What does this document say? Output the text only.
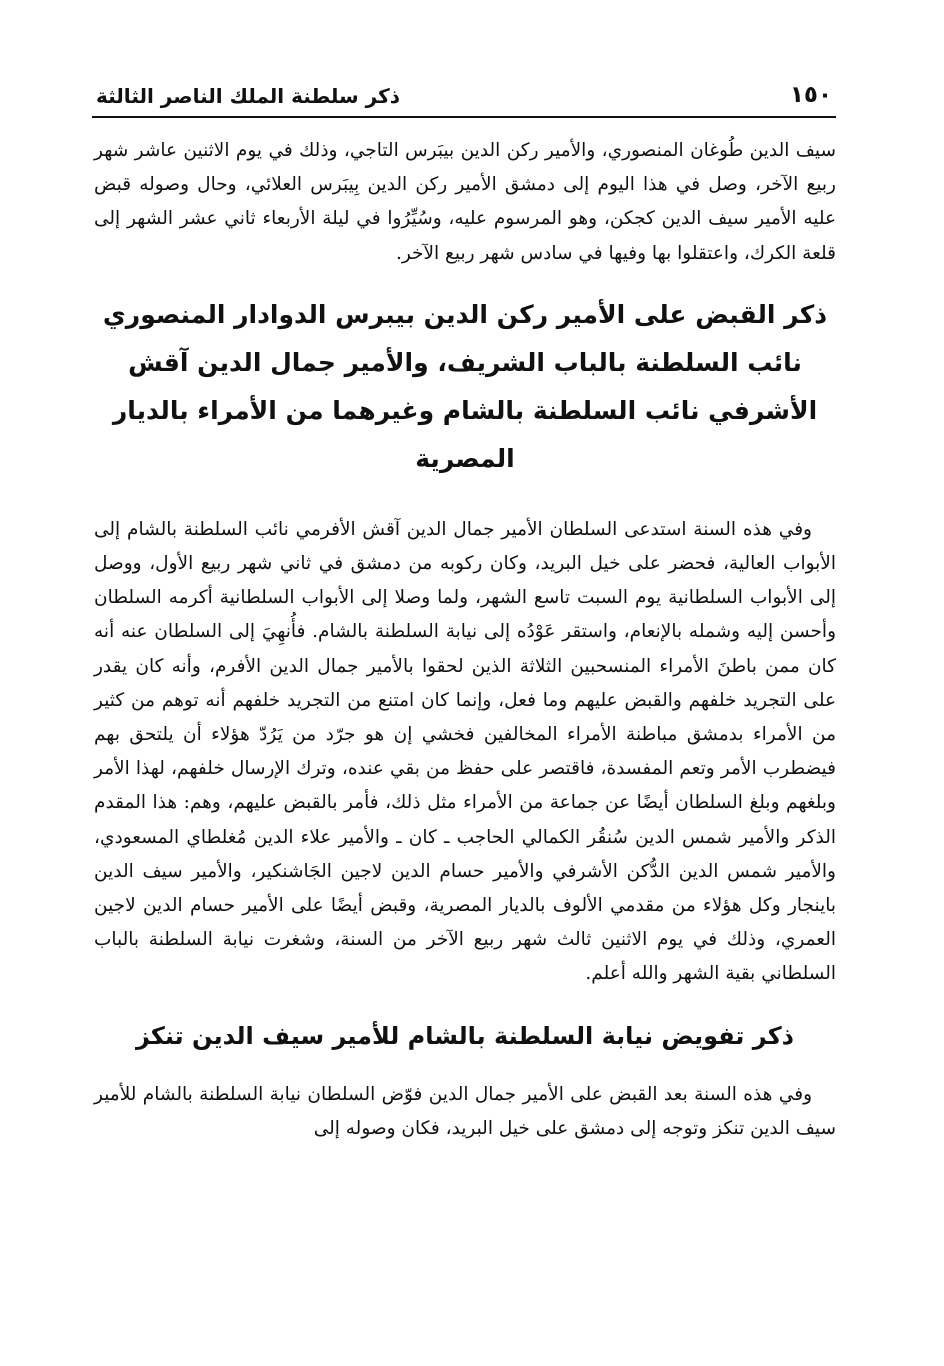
١٥٠
ذكر سلطنة الملك الناصر الثالثة

سيف الدين طُوغان المنصوري، والأمير ركن الدين بيبَرس التاجي، وذلك في يوم الاثنين عاشر شهر ربيع الآخر، وصل في هذا اليوم إلى دمشق الأمير ركن الدين بِيبَرس العلائي، وحال وصوله قبض عليه الأمير سيف الدين كجكن، وهو المرسوم عليه، وسُيِّرُوا في ليلة الأربعاء ثاني عشر الشهر إلى قلعة الكرك، واعتقلوا بها وفيها في سادس شهر ربيع الآخر.

ذكر القبض على الأمير ركن الدين بيبرس الدوادار المنصوري نائب السلطنة بالباب الشريف، والأمير جمال الدين آقش الأشرفي نائب السلطنة بالشام وغيرهما من الأمراء بالديار المصرية

وفي هذه السنة استدعى السلطان الأمير جمال الدين آقش الأفرمي نائب السلطنة بالشام إلى الأبواب العالية، فحضر على خيل البريد، وكان ركوبه من دمشق في ثاني شهر ربيع الأول، ووصل إلى الأبواب السلطانية يوم السبت تاسع الشهر، ولما وصلا إلى الأبواب السلطانية أكرمه السلطان وأحسن إليه وشمله بالإنعام، واستقر عَوْدُه إلى نيابة السلطنة بالشام. فأُنهِيَ إلى السلطان عنه أنه كان ممن باطنَ الأمراء المنسحبين الثلاثة الذين لحقوا بالأمير جمال الدين الأفرم، وأنه كان يقدر على التجريد خلفهم والقبض عليهم وما فعل، وإنما كان امتنع من التجريد خلفهم أنه توهم من كثير من الأمراء بدمشق مباطنة الأمراء المخالفين فخشي إن هو جرّد من يَرُدّ هؤلاء أن يلتحق بهم فيضطرب الأمر وتعم المفسدة، فاقتصر على حفظ من بقي عنده، وترك الإرسال خلفهم، لهذا الأمر وبلغهم وبلغ السلطان أيضًا عن جماعة من الأمراء مثل ذلك، فأمر بالقبض عليهم، وهم: هذا المقدم الذكر والأمير شمس الدين سُنقُر الكمالي الحاجب ـ كان ـ والأمير علاء الدين مُغلطاي المسعودي، والأمير شمس الدين الدُّكن الأشرفي والأمير حسام الدين لاجين الجَاشنكير، والأمير سيف الدين باينجار وكل هؤلاء من مقدمي الألوف بالديار المصرية، وقبض أيضًا على الأمير حسام الدين لاجين العمري، وذلك في يوم الاثنين ثالث شهر ربيع الآخر من السنة، وشغرت نيابة السلطنة بالباب السلطاني بقية الشهر والله أعلم.

ذكر تفويض نيابة السلطنة بالشام للأمير سيف الدين تنكز

وفي هذه السنة بعد القبض على الأمير جمال الدين فوّض السلطان نيابة السلطنة بالشام للأمير سيف الدين تنكز وتوجه إلى دمشق على خيل البريد، فكان وصوله إلى
